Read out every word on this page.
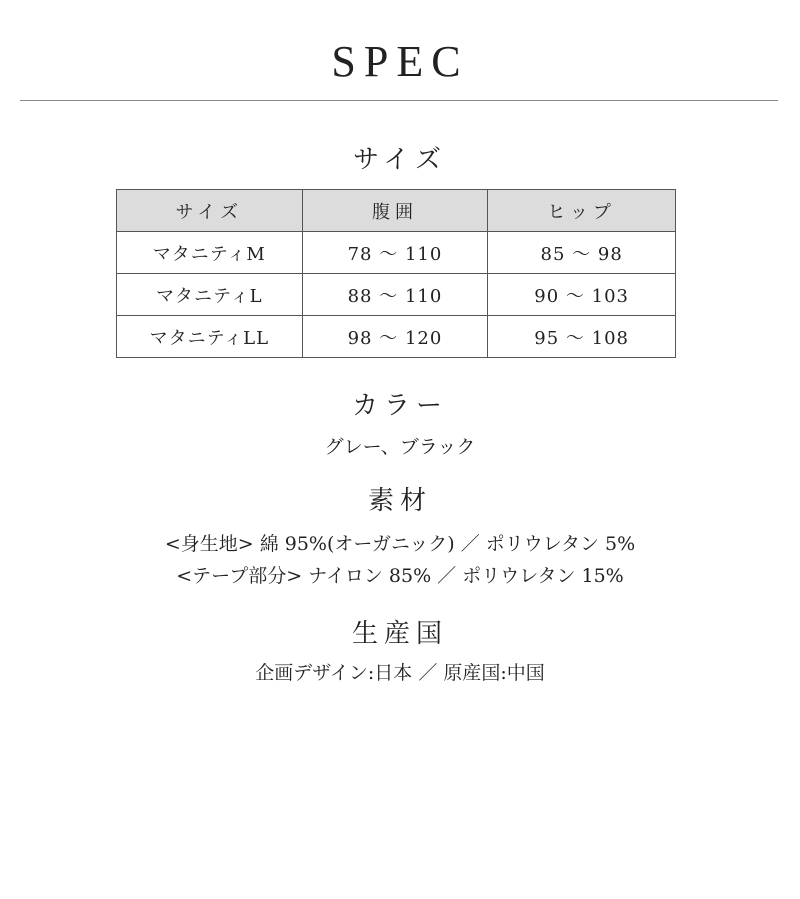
SPEC
サイズ
サイズ	腹囲	ヒップ
マタニティM	78 ～ 110	85 ～ 98
マタニティL	88 ～ 110	90 ～ 103
マタニティLL	98 ～ 120	95 ～ 108
カラー
グレー、ブラック
素材
<身生地> 綿 95%(オーガニック) ／ ポリウレタン 5%
<テープ部分> ナイロン 85% ／ ポリウレタン 15%
生産国
企画デザイン:日本 ／ 原産国:中国
